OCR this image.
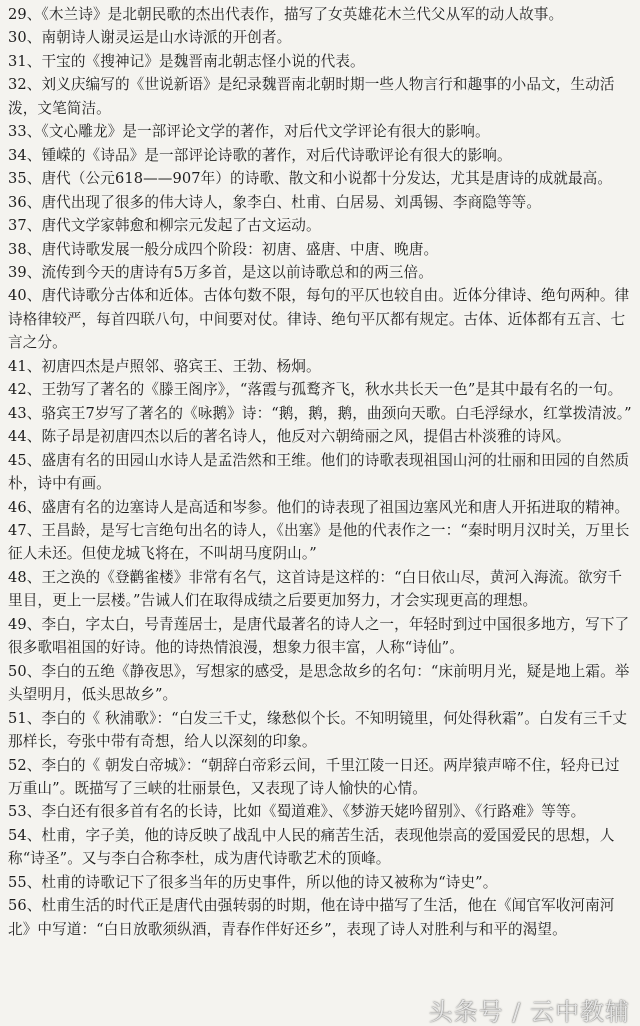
29、《木兰诗》是北朝民歌的杰出代表作，描写了女英雄花木兰代父从军的动人故事。

30、南朝诗人谢灵运是山水诗派的开创者。

31、干宝的《搜神记》是魏晋南北朝志怪小说的代表。

32、刘义庆编写的《世说新语》是纪录魏晋南北朝时期一些人物言行和趣事的小品文，生动活泼，文笔简洁。

33、《文心雕龙》是一部评论文学的著作，对后代文学评论有很大的影响。

34、锺嵘的《诗品》是一部评论诗歌的著作，对后代诗歌评论有很大的影响。

35、唐代（公元618——907年）的诗歌、散文和小说都十分发达，尤其是唐诗的成就最高。

36、唐代出现了很多的伟大诗人，象李白、杜甫、白居易、刘禹锡、李商隐等等。

37、唐代文学家韩愈和柳宗元发起了古文运动。

38、唐代诗歌发展一般分成四个阶段：初唐、盛唐、中唐、晚唐。

39、流传到今天的唐诗有5万多首，是这以前诗歌总和的两三倍。

40、唐代诗歌分古体和近体。古体句数不限，每句的平仄也较自由。近体分律诗、绝句两种。律诗格律较严，每首四联八句，中间要对仗。律诗、绝句平仄都有规定。古体、近体都有五言、七言之分。

41、初唐四杰是卢照邻、骆宾王、王勃、杨炯。

42、王勃写了著名的《滕王阁序》，“落霞与孤鹜齐飞，秋水共长天一色”是其中最有名的一句。

43、骆宾王7岁写了著名的《咏鹅》诗：“鹅，鹅，鹅，曲颈向天歌。白毛浮绿水，红掌拨清波。”

44、陈子昂是初唐四杰以后的著名诗人，他反对六朝绮丽之风，提倡古朴淡雅的诗风。

45、盛唐有名的田园山水诗人是孟浩然和王维。他们的诗歌表现祖国山河的壮丽和田园的自然质朴，诗中有画。

46、盛唐有名的边塞诗人是高适和岑参。他们的诗表现了祖国边塞风光和唐人开拓进取的精神。

47、王昌龄，是写七言绝句出名的诗人，《出塞》是他的代表作之一：“秦时明月汉时关，万里长征人未还。但使龙城飞将在，不叫胡马度阴山。”

48、王之涣的《登鹳雀楼》非常有名气，这首诗是这样的：“白日依山尽，黄河入海流。欲穷千里目，更上一层楼。”告诫人们在取得成绩之后要更加努力，才会实现更高的理想。

49、李白，字太白，号青莲居士，是唐代最著名的诗人之一，年轻时到过中国很多地方，写下了很多歌唱祖国的好诗。他的诗热情浪漫，想象力很丰富，人称“诗仙”。

50、李白的五绝《静夜思》，写想家的感受，是思念故乡的名句：“床前明月光，疑是地上霜。举头望明月，低头思故乡”。

51、李白的《 秋浦歌》：“白发三千丈，缘愁似个长。不知明镜里，何处得秋霜”。白发有三千丈那样长，夸张中带有奇想，给人以深刻的印象。

52、李白的《 朝发白帝城》：“朝辞白帝彩云间，千里江陵一日还。两岸猿声啼不住，轻舟已过万重山”。既描写了三峡的壮丽景色，又表现了诗人愉快的心情。

53、李白还有很多首有名的长诗，比如《蜀道难》、《梦游天姥吟留别》、《行路难》等等。

54、杜甫，字子美，他的诗反映了战乱中人民的痛苦生活，表现他崇高的爱国爱民的思想，人称“诗圣”。又与李白合称李杜，成为唐代诗歌艺术的顶峰。

55、杜甫的诗歌记下了很多当年的历史事件，所以他的诗又被称为“诗史”。

56、杜甫生活的时代正是唐代由强转弱的时期，他在诗中描写了生活，他在《闻官军收河南河北》中写道：“白日放歌须纵酒，青春作伴好还乡”，表现了诗人对胜利与和平的渴望。

头条号 / 云中教辅
